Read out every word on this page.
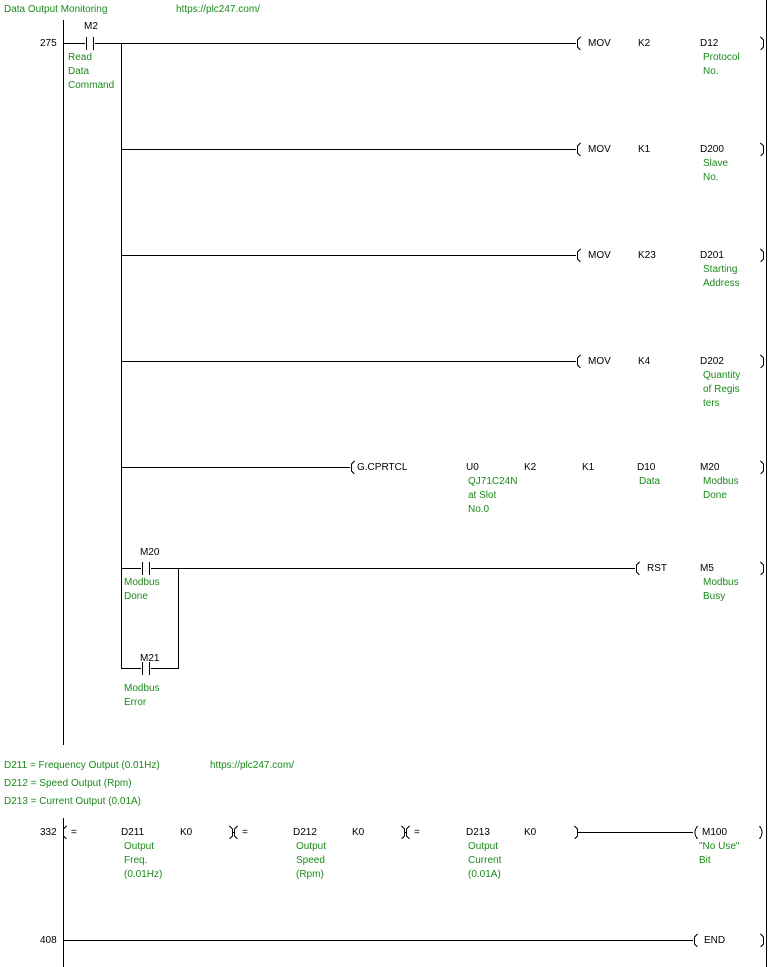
Data Output Monitoring	https://plc247.com/
275
M2
Read
Data
Command
MOV	K2	D12
Protocol
No.
MOV	K1	D200
Slave
No.
MOV	K23	D201
Starting
Address
MOV	K4	D202
Quantity
of Regis
ters
G.CPRTCL	U0
QJ71C24N
at Slot
No.0
K2	K1	D10
Data
M20
Modbus
Done
M20
Modbus
Done
M21
Modbus
Error
RST	M5
Modbus
Busy
D211 = Frequency Output (0.01Hz)	https://plc247.com/
D212 = Speed Output (Rpm)
D213 = Current Output (0.01A)
332 =	D211	K0
Output
Freq.
(0.01Hz)
=	D212	K0
Output
Speed
(Rpm)
=	D213	K0
Output
Current
(0.01A)
M100
"No Use"
Bit
408	END
